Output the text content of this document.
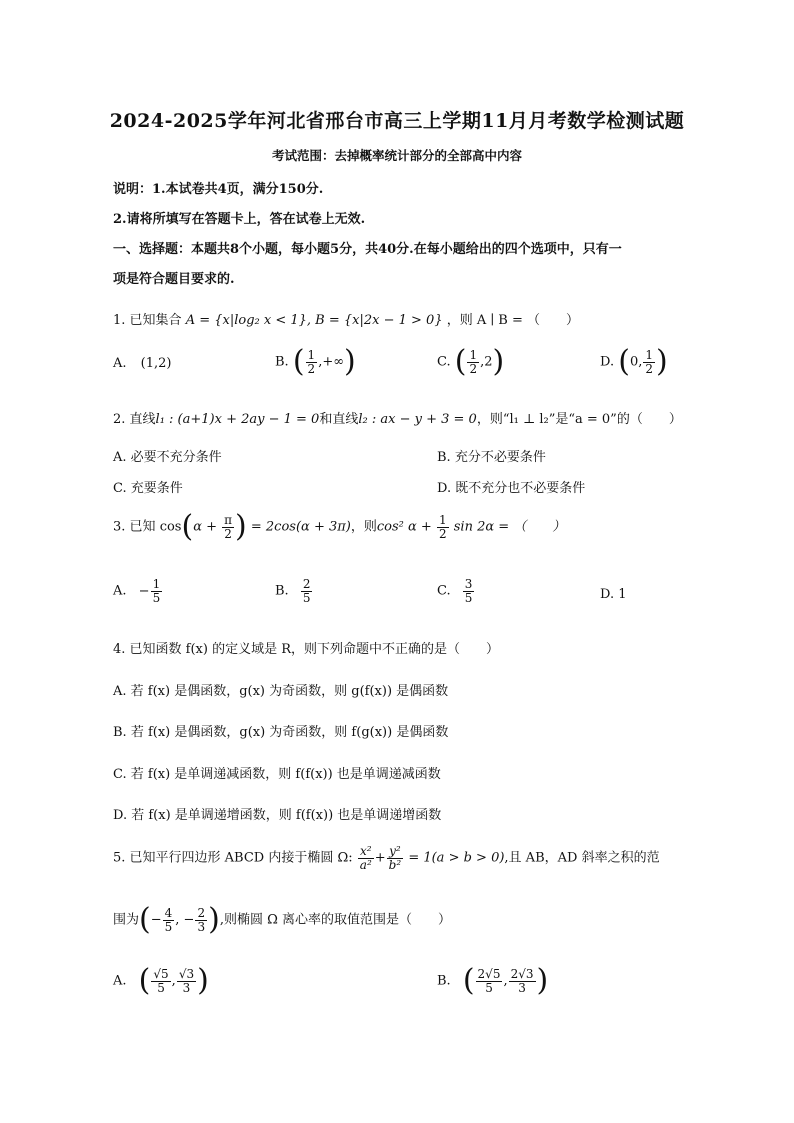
2024-2025学年河北省邢台市高三上学期11月月考数学检测试题
考试范围：去掉概率统计部分的全部高中内容
说明：1.本试卷共4页，满分150分.
2.请将所填写在答题卡上，答在试卷上无效.
一、选择题：本题共8个小题，每小题5分，共40分.在每小题给出的四个选项中，只有一
项是符合题目要求的.
1. 已知集合 A = {x|log₂ x < 1}, B = {x|2x − 1 > 0} ，则 A ∣ B = （　　）
A. (1,2)	B. ( $\frac{1}{2}$ ,+∞)	C. ( $\frac{1}{2} ,2$)	D. (0, $\frac{1}{2}$ )
2. 直线l₁ : (a+1)x + 2ay − 1 = 0和直线l₂ : ax − y + 3 = 0，则“l₁ ⊥ l₂”是“a = 0”的（　　）
A. 必要不充分条件	B. 充分不必要条件
C. 充要条件	D. 既不充分也不必要条件
3. 已知 $\cos(\alpha + \frac{\pi}{2}$ ) = 2cos(α + 3π)，则cos² $\alpha + \frac{1}{2}$ sin 2α = （　　）
A. − $\frac{1}{5}$	B. $\frac{2}{5}$	C. $\frac{3}{5}$	D. 1
4. 已知函数 f(x) 的定义域是 R，则下列命题中不正确的是（　　）
A. 若 f(x) 是偶函数，g(x) 为奇函数，则 g(f(x)) 是偶函数
B. 若 f(x) 是偶函数，g(x) 为奇函数，则 f(g(x)) 是偶函数
C. 若 f(x) 是单调递减函数，则 f(f(x)) 也是单调递减函数
D. 若 f(x) 是单调递增函数，则 f(f(x)) 也是单调递增函数
5. 已知平行四边形 ABCD 内接于椭圆 Ω: $\frac{\text{x²}}{\text{a²}} + \frac{\text{y²}}{\text{b²}} = 1(a > b > 0)$,且 AB，AD 斜率之积的范
围为(− $\frac{4}{5}$ , − $\frac{2}{3}$ ),则椭圆 Ω 离心率的取值范围是（　　）
A. ( $\frac{√5}{5}$ , $\frac{√3}{3}$ )	B. ( $\frac{2√5}{5}$ , $\frac{2√3}{3}$ )
